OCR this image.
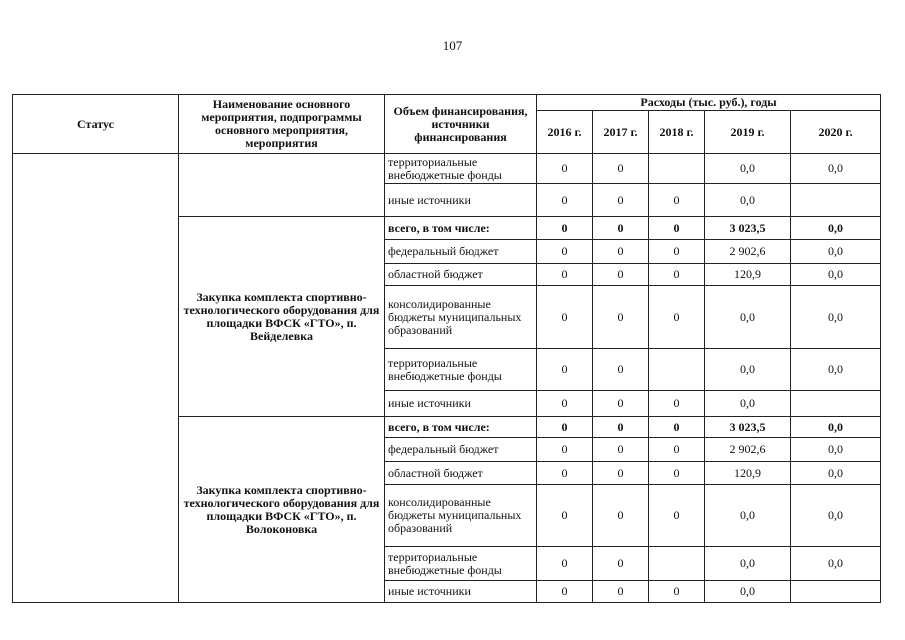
107
Статус	Наименование основного мероприятия, подпрограммы основного мероприятия, мероприятия	Объем финансирования, источники финансирования	Расходы (тыс. руб.), годы				
			2016 г.	2017 г.	2018 г.	2019 г.	2020 г.
		территориальные внебюджетные фонды	0	0		0,0	0,0
		иные источники	0	0	0	0,0	
	Закупка комплекта спортивно-технологического оборудования для площадки ВФСК «ГТО», п. Вейделевка	всего, в том числе:	0	0	0	3 023,5	0,0
		федеральный бюджет	0	0	0	2 902,6	0,0
		областной бюджет	0	0	0	120,9	0,0
		консолидированные бюджеты муниципальных образований	0	0	0	0,0	0,0
		территориальные внебюджетные фонды	0	0		0,0	0,0
		иные источники	0	0	0	0,0	
	Закупка комплекта спортивно-технологического оборудования для площадки ВФСК «ГТО», п. Волоконовка	всего, в том числе:	0	0	0	3 023,5	0,0
		федеральный бюджет	0	0	0	2 902,6	0,0
		областной бюджет	0	0	0	120,9	0,0
		консолидированные бюджеты муниципальных образований	0	0	0	0,0	0,0
		территориальные внебюджетные фонды	0	0		0,0	0,0
		иные источники	0	0	0	0,0	
